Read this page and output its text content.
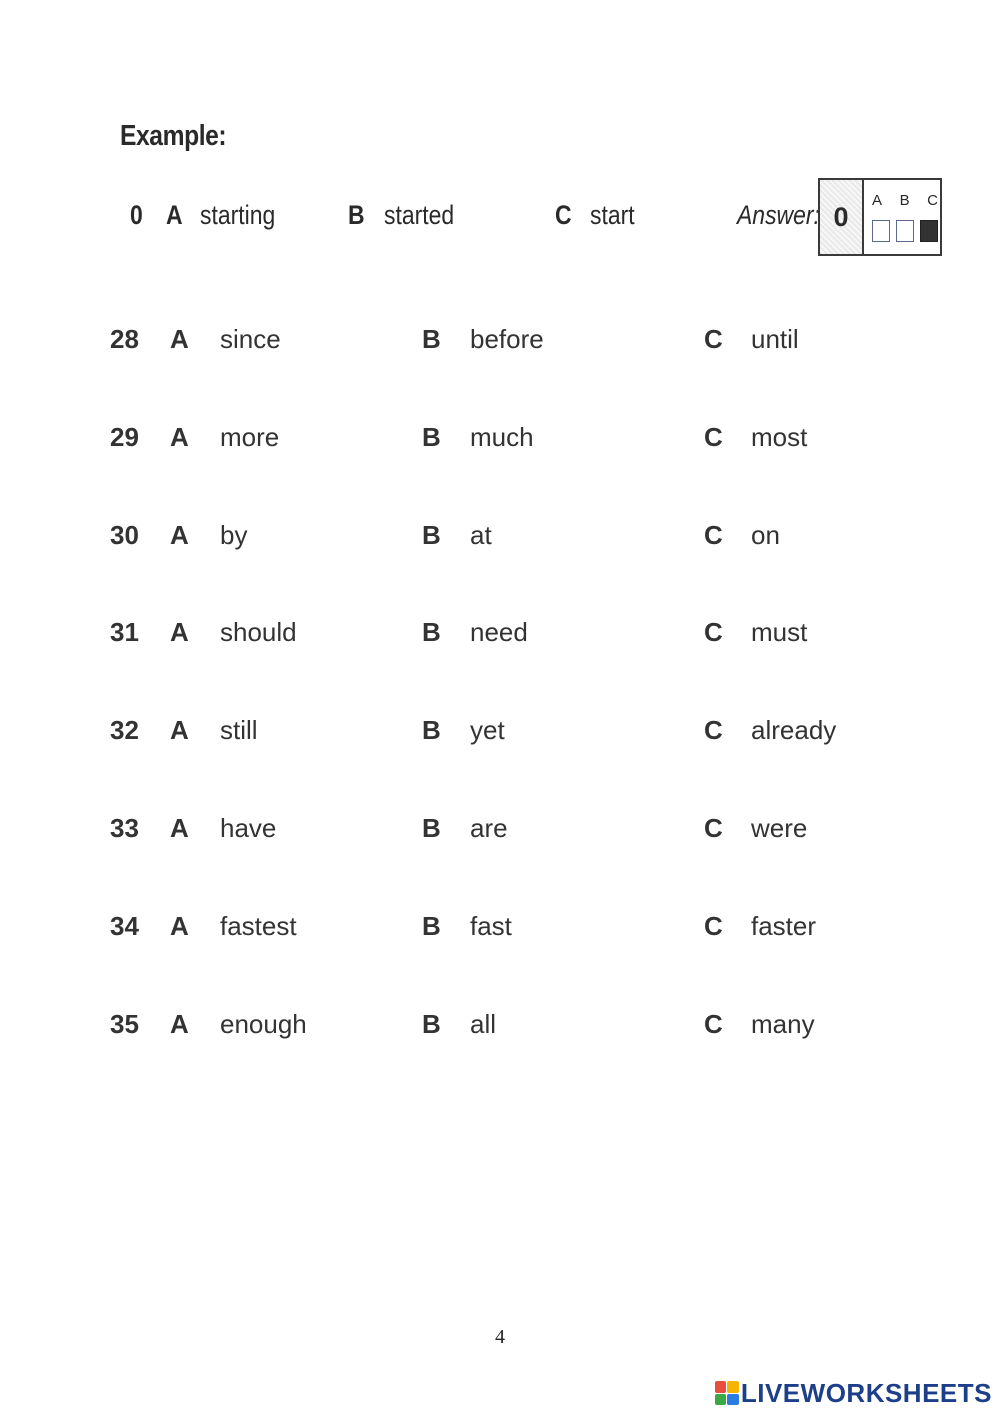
Example:
0 A starting	B started	C start	Answer: 0
A B C
28 A since	B before	C until
29 A more	B much	C most
30 A by	B at	C on
31 A should	B need	C must
32 A still	B yet	C already
33 A have	B are	C were
34 A fastest	B fast	C faster
35 A enough	B all	C many
4
LIVEWORKSHEETS
